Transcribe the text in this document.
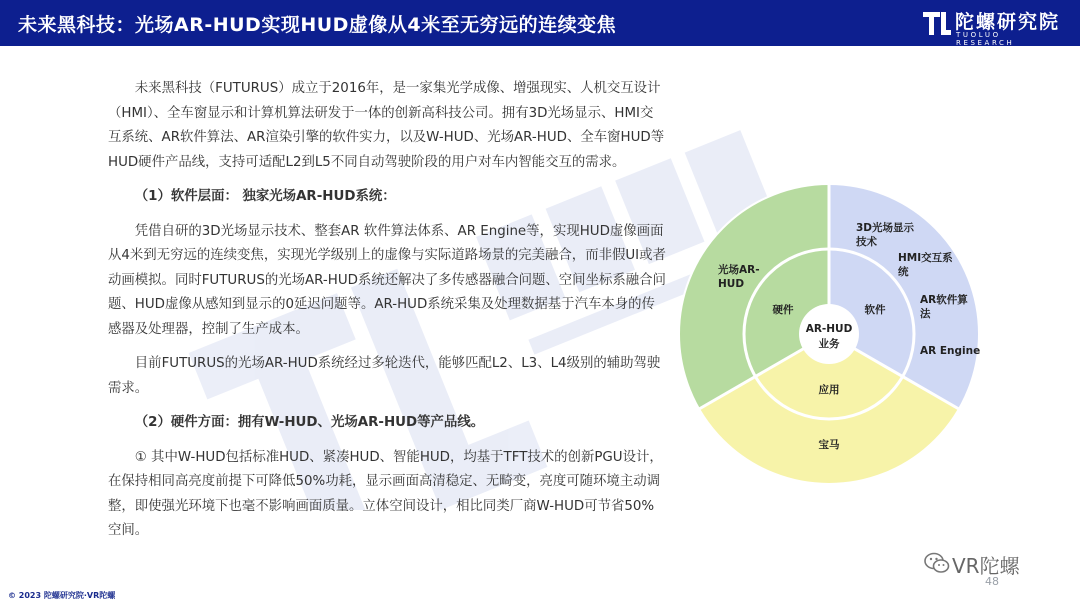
未来黑科技：光场AR-HUD实现HUD虚像从4米至无穷远的连续变焦	陀螺研究院
TUOLUO RESEARCH

未来黑科技（FUTURUS）成立于2016年，是一家集光学成像、增强现实、人机交互设计（HMI）、全车窗显示和计算机算法研发于一体的创新高科技公司。拥有3D光场显示、HMI交互系统、AR软件算法、AR渲染引擎的软件实力，以及W-HUD、光场AR-HUD、全车窗HUD等HUD硬件产品线，支持可适配L2到L5不同自动驾驶阶段的用户对车内智能交互的需求。

（1）软件层面： 独家光场AR-HUD系统：

凭借自研的3D光场显示技术、整套AR 软件算法体系、AR Engine等，实现HUD虚像画面从4米到无穷远的连续变焦，实现光学级别上的虚像与实际道路场景的完美融合，而非假UI或者动画模拟。同时FUTURUS的光场AR-HUD系统还解决了多传感器融合问题、空间坐标系融合问题、HUD虚像从感知到显示的0延迟问题等。AR-HUD系统采集及处理数据基于汽车本身的传感器及处理器，控制了生产成本。

目前FUTURUS的光场AR-HUD系统经过多轮迭代，能够匹配L2、L3、L4级别的辅助驾驶需求。

（2）硬件方面：拥有W-HUD、光场AR-HUD等产品线。

① 其中W-HUD包括标准HUD、紧凑HUD、智能HUD，均基于TFT技术的创新PGU设计，在保持相同高亮度前提下可降低50%功耗，显示画面高清稳定、无畸变，亮度可随环境主动调整，即使强光环境下也毫不影响画面质量。立体空间设计，相比同类厂商W-HUD可节省50%空间。

AR-HUD
业务
硬件	软件
应用
宝马
光场AR-
HUD
3D光场显示
技术
HMI交互系
统
AR软件算
法
AR Engine
© 2023 陀螺研究院·VR陀螺
VR陀螺
48
